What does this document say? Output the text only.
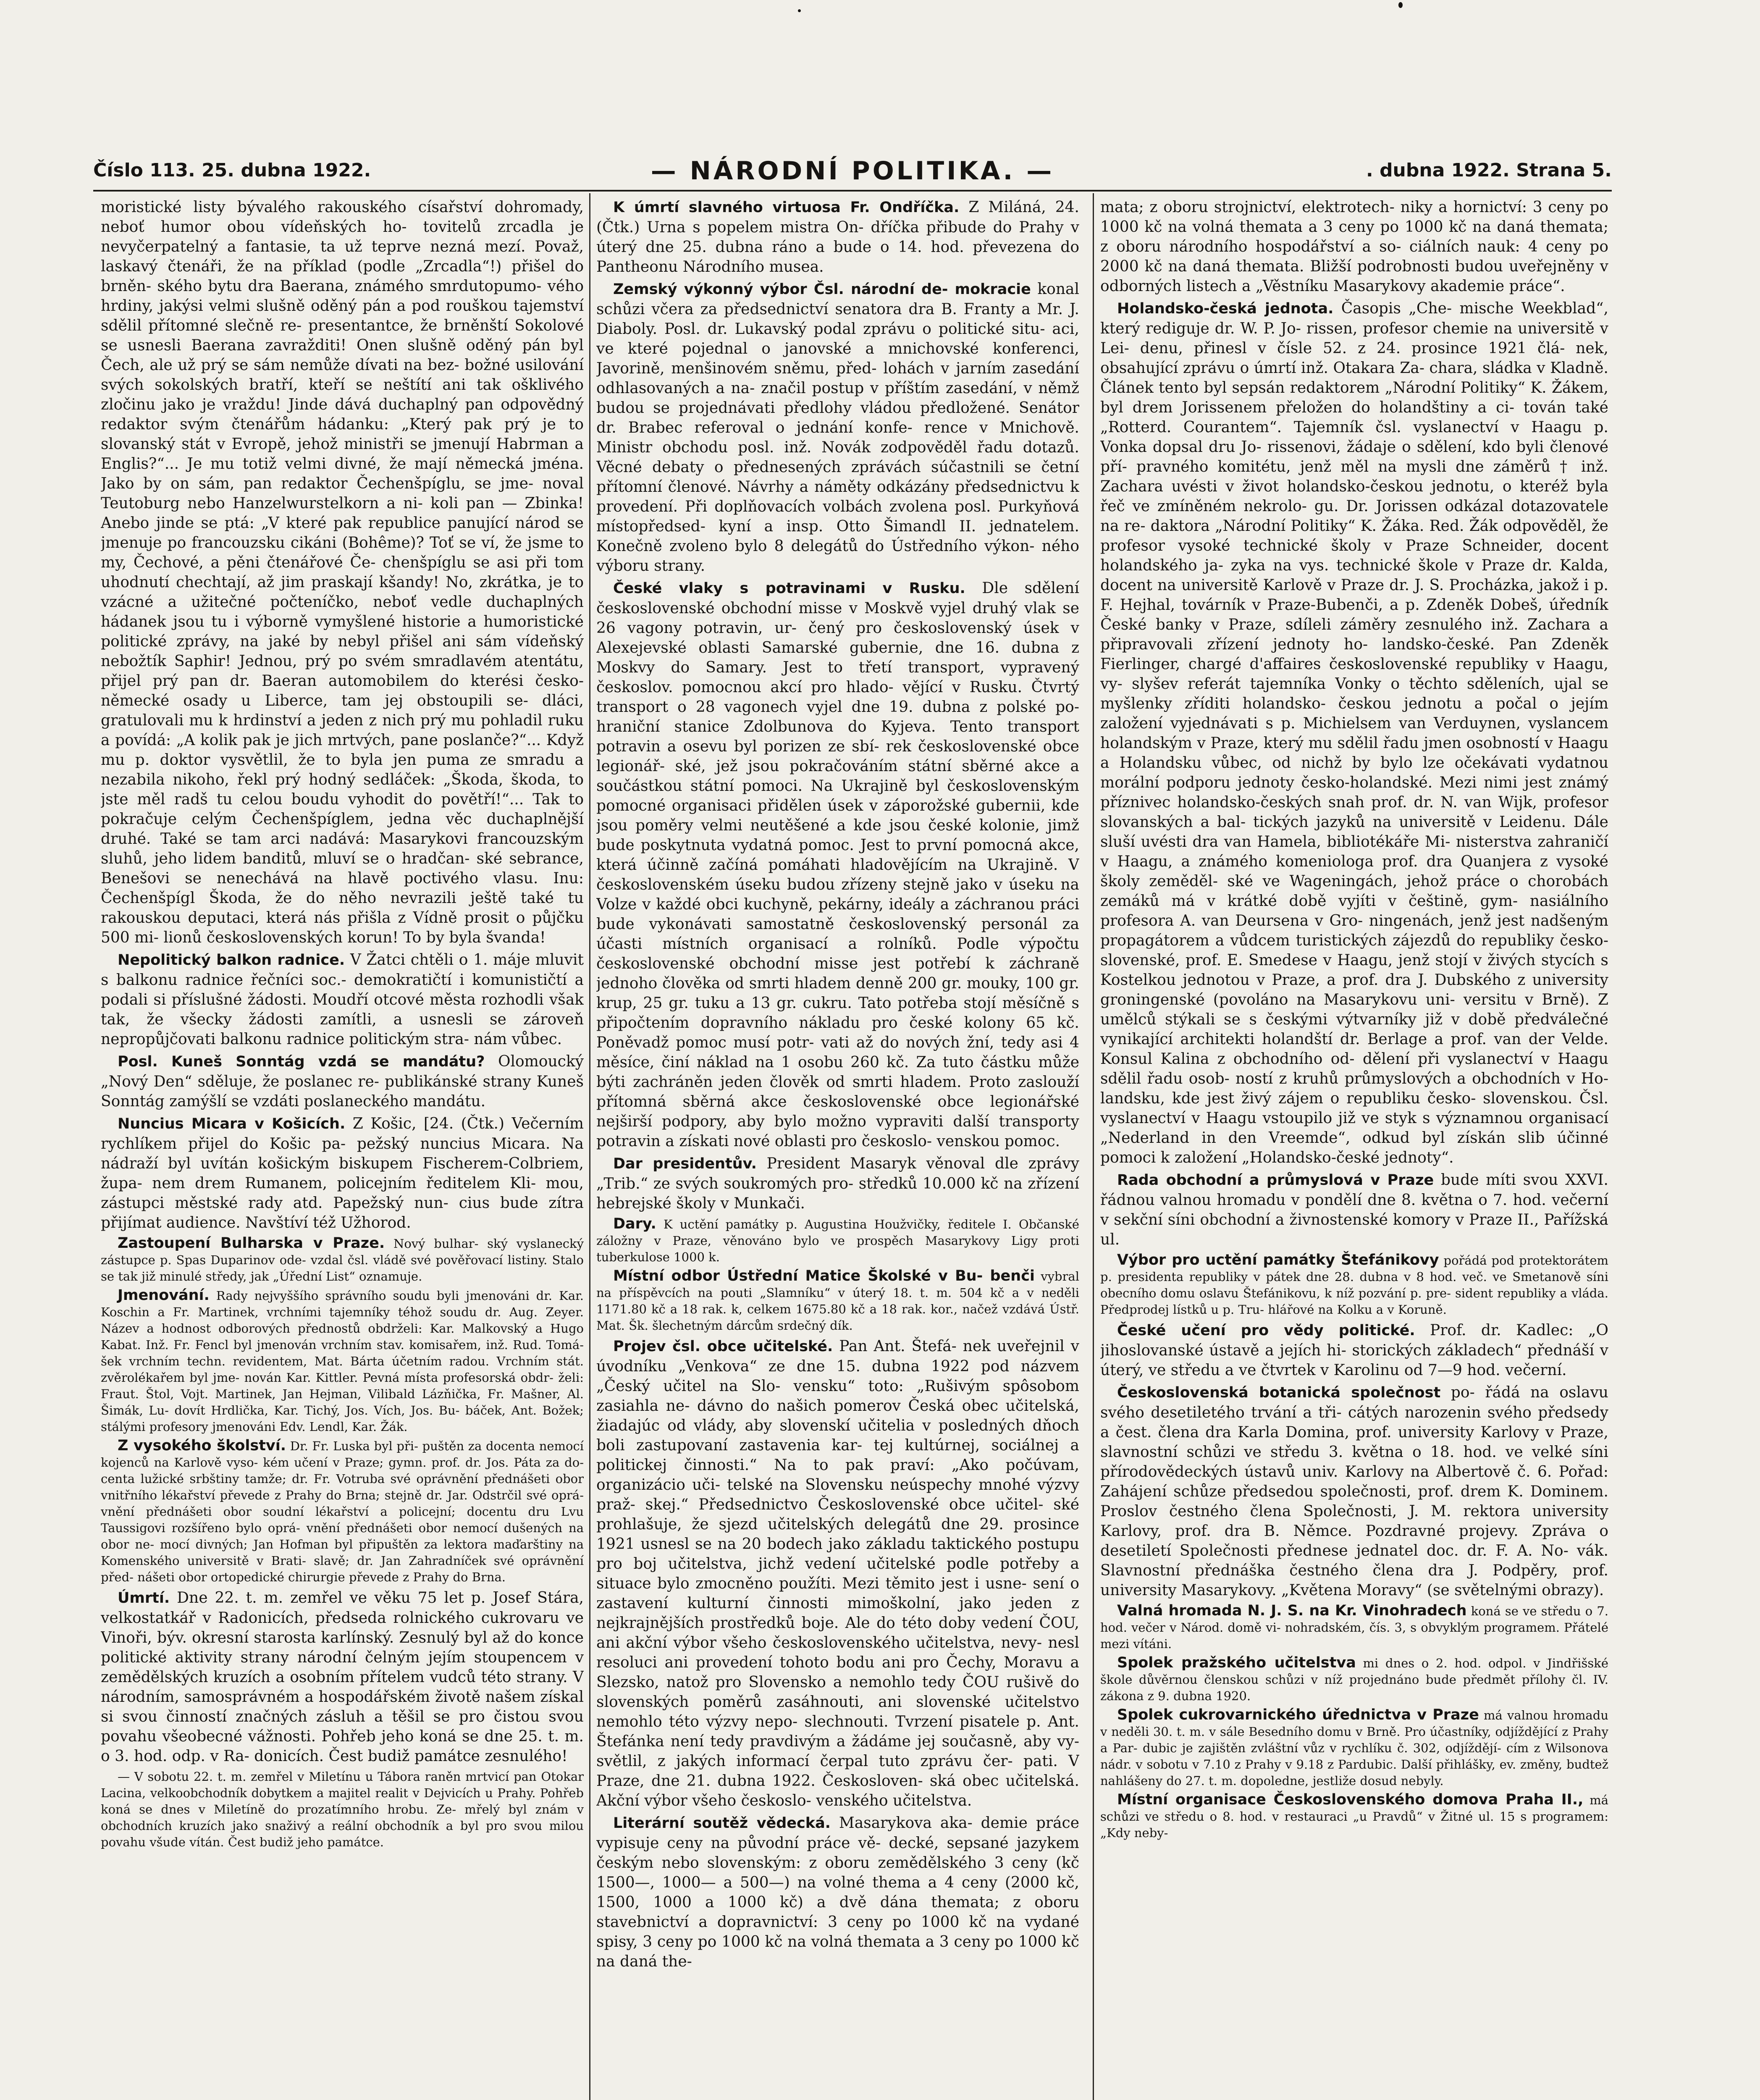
Číslo 113. 25. dubna 1922.	— NÁRODNÍ POLITIKA. —	. dubna 1922. Strana 5.

moristické listy bývalého rakouského císařství dohromady, neboť humor obou vídeňských ho- tovitelů zrcadla je nevyčerpatelný a fantasie, ta už teprve nezná mezí. Považ, laskavý čtenáři, že na příklad (podle „Zrcadla“!) přišel do brněn- ského bytu dra Baerana, známého smrdutopumo- vého hrdiny, jakýsi velmi slušně oděný pán a pod rouškou tajemství sdělil přítomné slečně re- presentantce, že brněnští Sokolové se usnesli Baerana zavražditi! Onen slušně oděný pán byl Čech, ale už prý se sám nemůže dívati na bez- božné usilování svých sokolských bratří, kteří se neštítí ani tak ošklivého zločinu jako je vraždu! Jinde dává duchaplný pan odpovědný redaktor svým čtenářům hádanku: „Který pak prý je to slovanský stát v Evropě, jehož ministři se jmenují Habrman a Englis?“... Je mu totiž velmi divné, že mají německá jména. Jako by on sám, pan redaktor Čechenšpíglu, se jme- noval Teutoburg nebo Hanzelwurstelkorn a ni- koli pan — Zbinka! Anebo jinde se ptá: „V které pak republice panující národ se jmenuje po francouzsku cikáni (Bohême)? Toť se ví, že jsme to my, Čechové, a pěni čtenářové Če- chenšpíglu se asi při tom uhodnutí chechtají, až jim praskají kšandy! No, zkrátka, je to vzácné a užitečné počteníčko, neboť vedle duchaplných hádanek jsou tu i výborně vymyšlené historie a humoristické politické zprávy, na jaké by nebyl přišel ani sám vídeňský nebožtík Saphir! Jednou, prý po svém smradlavém atentátu, přijel prý pan dr. Baeran automobilem do kterési česko- německé osady u Liberce, tam jej obstoupili se- dláci, gratulovali mu k hrdinství a jeden z nich prý mu pohladil ruku a povídá: „A kolik pak je jich mrtvých, pane poslanče?“... Když mu p. doktor vysvětlil, že to byla jen puma ze smradu a nezabila nikoho, řekl prý hodný sedláček: „Škoda, škoda, to jste měl radš tu celou boudu vyhodit do povětří!“... Tak to pokračuje celým Čechenšpíglem, jedna věc duchaplnější druhé. Také se tam arci nadává: Masarykovi francouzským sluhů, jeho lidem banditů, mluví se o hradčan- ské sebrance, Benešovi se nenechává na hlavě poctivého vlasu. Inu: Čechenšpígl Škoda, že do něho nevrazili ještě také tu rakouskou deputaci, která nás přišla z Vídně prosit o půjčku 500 mi- lionů československých korun! To by byla švanda!

Nepolitický balkon radnice. V Žatci chtěli o 1. máje mluvit s balkonu radnice řečníci soc.- demokratičtí i komunističtí a podali si příslušné žádosti. Moudří otcové města rozhodli však tak, že všecky žádosti zamítli, a usnesli se zároveň nepropůjčovati balkonu radnice politickým stra- nám vůbec.

Posl. Kuneš Sonntág vzdá se mandátu? Olomoucký „Nový Den“ sděluje, že poslanec re- publikánské strany Kuneš Sonntág zamýšlí se vzdáti poslaneckého mandátu.

Nuncius Micara v Košicích. Z Košic, [24. (Čtk.) Večerním rychlíkem přijel do Košic pa- pežský nuncius Micara. Na nádraží byl uvítán košickým biskupem Fischerem-Colbriem, župa- nem drem Rumanem, policejním ředitelem Kli- mou, zástupci městské rady atd. Papežský nun- cius bude zítra přijímat audience. Navštíví též Užhorod.

Zastoupení Bulharska v Praze. Nový bulhar- ský vyslanecký zástupce p. Spas Duparinov ode- vzdal čsl. vládě své pověřovací listiny. Stalo se tak již minulé středy, jak „Úřední List“ oznamuje.

Jmenování. Rady nejvyššího správního soudu byli jmenováni dr. Kar. Koschin a Fr. Martinek, vrchními tajemníky téhož soudu dr. Aug. Zeyer. Název a hodnost odborových přednostů obdrželi: Kar. Malkovský a Hugo Kabat. Inž. Fr. Fencl byl jmenován vrchním stav. komisařem, inž. Rud. Tomá- šek vrchním techn. revidentem, Mat. Bárta účetním radou. Vrchním stát. zvěrolékařem byl jme- nován Kar. Kittler. Pevná místa profesorská obdr- želi: Fraut. Štol, Vojt. Martinek, Jan Hejman, Vilibald Lázňička, Fr. Mašner, Al. Šimák, Lu- dovít Hrdlička, Kar. Tichý, Jos. Vích, Jos. Bu- báček, Ant. Božek; stálými profesory jmenováni Edv. Lendl, Kar. Žák.

Z vysokého školství. Dr. Fr. Luska byl při- puštěn za docenta nemocí kojenců na Karlově vyso- kém učení v Praze; gymn. prof. dr. Jos. Páta za do- centa lužické srbštiny tamže; dr. Fr. Votruba své oprávnění přednášeti obor vnitřního lékařství převede z Prahy do Brna; stejně dr. Jar. Odstrčil své oprá- vnění přednášeti obor soudní lékařství a policejní; docentu dru Lvu Taussigovi rozšířeno bylo oprá- vnění přednášeti obor nemocí dušených na obor ne- mocí divných; Jan Hofman byl připuštěn za lektora maďarštiny na Komenského universitě v Brati- slavě; dr. Jan Zahradníček své oprávnění před- nášeti obor ortopedické chirurgie převede z Prahy do Brna.

Úmrtí. Dne 22. t. m. zemřel ve věku 75 let p. Josef Stára, velkostatkář v Radonicích, předseda rolnického cukrovaru ve Vinoři, býv. okresní starosta karlínský. Zesnulý byl až do konce politické aktivity strany národní čelným jejím stoupencem v zemědělských kruzích a osobním přítelem vudců této strany. V národním, samosprávném a hospodářském životě našem získal si svou činností značných zásluh a těšil se pro čistou svou povahu všeobecné vážnosti. Pohřeb jeho koná se dne 25. t. m. o 3. hod. odp. v Ra- donicích. Čest budiž památce zesnulého!

— V sobotu 22. t. m. zemřel v Miletínu u Tábora raněn mrtvicí pan Otokar Lacina, velkoobchodník dobytkem a majitel realit v Dejvicích u Prahy. Pohřeb koná se dnes v Miletíně do prozatímního hrobu. Ze- mřelý byl znám v obchodních kruzích jako snaživý a reální obchodník a byl pro svou milou povahu všude vítán. Čest budiž jeho památce.

K úmrtí slavného virtuosa Fr. Ondříčka. Z Miláná, 24. (Čtk.) Urna s popelem mistra On- dříčka přibude do Prahy v úterý dne 25. dubna ráno a bude o 14. hod. převezena do Pantheonu Národního musea.

Zemský výkonný výbor Čsl. národní de- mokracie konal schůzi včera za předsednictví senatora dra B. Franty a Mr. J. Diaboly. Posl. dr. Lukavský podal zprávu o politické situ- aci, ve které pojednal o janovské a mnichovské konferenci, Javorině, menšinovém sněmu, před- lohách v jarním zasedání odhlasovaných a na- značil postup v příštím zasedání, v němž budou se projednávati předlohy vládou předložené. Senátor dr. Brabec referoval o jednání konfe- rence v Mnichově. Ministr obchodu posl. inž. Novák zodpověděl řadu dotazů. Věcné debaty o přednesených zprávách súčastnili se četní přítomní členové. Návrhy a náměty odkázány předsednictvu k provedení. Při doplňovacích volbách zvolena posl. Purkyňová místopředsed- kyní a insp. Otto Šimandl II. jednatelem. Konečně zvoleno bylo 8 delegátů do Ústředního výkon- ného výboru strany.

České vlaky s potravinami v Rusku. Dle sdělení československé obchodní misse v Moskvě vyjel druhý vlak se 26 vagony potravin, ur- čený pro československý úsek v Alexejevské oblasti Samarské gubernie, dne 16. dubna z Moskvy do Samary. Jest to třetí transport, vypravený českoslov. pomocnou akcí pro hlado- vějící v Rusku. Čtvrtý transport o 28 vagonech vyjel dne 19. dubna z polské po- hraniční stanice Zdolbunova do Kyjeva. Tento transport potravin a osevu byl porizen ze sbí- rek československé obce legionář- ské, jež jsou pokračováním státní sběrné akce a součástkou státní pomoci. Na Ukrajině byl československým pomocné organisaci přidělen úsek v záporožské gubernii, kde jsou poměry velmi neutěšené a kde jsou české kolonie, jimž bude poskytnuta vydatná pomoc. Jest to první pomocná akce, která účinně začíná pomáhati hladovějícím na Ukrajině. V československém úseku budou zřízeny stejně jako v úseku na Volze v každé obci kuchyně, pekárny, ideály a záchranou práci bude vykonávati samostatně československý personál za účasti místních organisací a rolníků. Podle výpočtu československé obchodní misse jest potřebí k záchraně jednoho člověka od smrti hladem denně 200 gr. mouky, 100 gr. krup, 25 gr. tuku a 13 gr. cukru. Tato potřeba stojí měsíčně s připočtením dopravního nákladu pro české kolony 65 kč. Poněvadž pomoc musí potr- vati až do nových žní, tedy asi 4 měsíce, činí náklad na 1 osobu 260 kč. Za tuto částku může býti zachráněn jeden člověk od smrti hladem. Proto zaslouží přítomná sběrná akce československé obce legionářské nejširší podpory, aby bylo možno vypraviti další transporty potravin a získati nové oblasti pro českoslo- venskou pomoc.

Dar presidentův. President Masaryk věnoval dle zprávy „Trib.“ ze svých soukromých pro- středků 10.000 kč na zřízení hebrejské školy v Munkači.

Dary. K uctění památky p. Augustina Houžvičky, ředitele I. Občanské záložny v Praze, věnováno bylo ve prospěch Masarykovy Ligy proti tuberkulose 1000 k.

Místní odbor Ústřední Matice Školské v Bu- benči vybral na příspěvcích na pouti „Slamníku“ v úterý 18. t. m. 504 kč a v neděli 1171.80 kč a 18 rak. k, celkem 1675.80 kč a 18 rak. kor., načež vzdává Ústř. Mat. Šk. šlechetným dárcům srdečný dík.

Projev čsl. obce učitelské. Pan Ant. Štefá- nek uveřejnil v úvodníku „Venkova“ ze dne 15. dubna 1922 pod názvem „Český učitel na Slo- vensku“ toto: „Rušivým spôsobom zasiahla ne- dávno do našich pomerov Česká obec učitelská, žiadajúc od vlády, aby slovenskí učitelia v posledných dňoch boli zastupovaní zastavenia kar- tej kultúrnej, sociálnej a politickej činnosti.“ Na to pak praví: „Ako počúvam, organizácio uči- telské na Slovensku neúspechy mnohé výzvy praž- skej.“ Předsednictvo Československé obce učitel- ské prohlašuje, že sjezd učitelských delegátů dne 29. prosince 1921 usnesl se na 20 bodech jako základu taktického postupu pro boj učitelstva, jichž vedení učitelské podle potřeby a situace bylo zmocněno použíti. Mezi těmito jest i usne- sení o zastavení kulturní činnosti mimoškolní, jako jeden z nejkrajnějších prostředků boje. Ale do této doby vedení ČOU, ani akční výbor všeho československého učitelstva, nevy- nesl resoluci ani provedení tohoto bodu ani pro Čechy, Moravu a Slezsko, natož pro Slovensko a nemohlo tedy ČOU rušivě do slovenských poměrů zasáhnouti, ani slovenské učitelstvo nemohlo této výzvy nepo- slechnouti. Tvrzení pisatele p. Ant. Štefánka není tedy pravdivým a žádáme jej současně, aby vy- světlil, z jakých informací čerpal tuto zprávu čer- pati. V Praze, dne 21. dubna 1922. Českosloven- ská obec učitelská. Akční výbor všeho českoslo- venského učitelstva.

Literární soutěž vědecká. Masarykova aka- demie práce vypisuje ceny na původní práce vě- decké, sepsané jazykem českým nebo slovenským: z oboru zemědělského 3 ceny (kč 1500—, 1000— a 500—) na volné thema a 4 ceny (2000 kč, 1500, 1000 a 1000 kč) a dvě dána themata; z oboru stavebnictví a dopravnictví: 3 ceny po 1000 kč na vydané spisy, 3 ceny po 1000 kč na volná themata a 3 ceny po 1000 kč na daná the-

mata; z oboru strojnictví, elektrotech- niky a hornictví: 3 ceny po 1000 kč na volná themata a 3 ceny po 1000 kč na daná themata; z oboru národního hospodářství a so- ciálních nauk: 4 ceny po 2000 kč na daná themata. Bližší podrobnosti budou uveřejněny v odborných listech a „Věstníku Masarykovy akademie práce“.

Holandsko-česká jednota. Časopis „Che- mische Weekblad“, který rediguje dr. W. P. Jo- rissen, profesor chemie na universitě v Lei- denu, přinesl v čísle 52. z 24. prosince 1921 člá- nek, obsahující zprávu o úmrtí inž. Otakara Za- chara, sládka v Kladně. Článek tento byl sepsán redaktorem „Národní Politiky“ K. Žákem, byl drem Jorissenem přeložen do holandštiny a ci- tován také „Rotterd. Courantem“. Tajemník čsl. vyslanectví v Haagu p. Vonka dopsal dru Jo- rissenovi, žádaje o sdělení, kdo byli členové pří- pravného komitétu, jenž měl na mysli dne záměrů † inž. Zachara uvésti v život holandsko-českou jednotu, o kteréž byla řeč ve zmíněném nekrolo- gu. Dr. Jorissen odkázal dotazovatele na re- daktora „Národní Politiky“ K. Žáka. Red. Žák odpověděl, že profesor vysoké technické školy v Praze Schneider, docent holandského ja- zyka na vys. technické škole v Praze dr. Kalda, docent na universitě Karlově v Praze dr. J. S. Procházka, jakož i p. F. Hejhal, továrník v Praze-Bubenči, a p. Zdeněk Dobeš, úředník České banky v Praze, sdíleli záměry zesnulého inž. Zachara a připravovali zřízení jednoty ho- landsko-české. Pan Zdeněk Fierlinger, chargé d'affaires československé republiky v Haagu, vy- slyšev referát tajemníka Vonky o těchto sděleních, ujal se myšlenky zříditi holandsko- českou jednotu a počal o jejím založení vyjednávati s p. Michielsem van Verduynen, vyslancem holandským v Praze, který mu sdělil řadu jmen osobností v Haagu a Holandsku vůbec, od nichž by bylo lze očekávati vydatnou morální podporu jednoty česko-holandské. Mezi nimi jest známý příznivec holandsko-českých snah prof. dr. N. van Wijk, profesor slovanských a bal- tických jazyků na universitě v Leidenu. Dále sluší uvésti dra van Hamela, bibliotékáře Mi- nisterstva zahraničí v Haagu, a známého komeniologa prof. dra Quanjera z vysoké školy zeměděl- ské ve Wageningách, jehož práce o chorobách zemáků má v krátké době vyjíti v češtině, gym- nasiálního profesora A. van Deursena v Gro- ningenách, jenž jest nadšeným propagátorem a vůdcem turistických zájezdů do republiky česko- slovenské, prof. E. Smedese v Haagu, jenž stojí v živých stycích s Kostelkou jednotou v Praze, a prof. dra J. Dubského z university groningenské (povoláno na Masarykovu uni- versitu v Brně). Z umělců stýkali se s českými výtvarníky již v době předválečné vynikající architekti holandští dr. Berlage a prof. van der Velde. Konsul Kalina z obchodního od- dělení při vyslanectví v Haagu sdělil řadu osob- ností z kruhů průmyslových a obchodních v Ho- landsku, kde jest živý zájem o republiku česko- slovenskou. Čsl. vyslanectví v Haagu vstoupilo již ve styk s významnou organisací „Nederland in den Vreemde“, odkud byl získán slib účinné pomoci k založení „Holandsko-české jednoty“.

Rada obchodní a průmyslová v Praze bude míti svou XXVI. řádnou valnou hromadu v pondělí dne 8. května o 7. hod. večerní v sekční síni obchodní a živnostenské komory v Praze II., Pařížská ul.

Výbor pro uctění památky Štefánikovy pořádá pod protektorátem p. presidenta republiky v pátek dne 28. dubna v 8 hod. več. ve Smetanově síni obecního domu oslavu Štefánikovu, k níž pozvání p. pre- sident republiky a vláda. Předprodej lístků u p. Tru- hlářové na Kolku a v Koruně.

České učení pro vědy politické. Prof. dr. Kadlec: „O jihoslovanské ústavě a jejích hi- storických základech“ přednáší v úterý, ve středu a ve čtvrtek v Karolinu od 7—9 hod. večerní.

Československá botanická společnost po- řádá na oslavu svého desetiletého trvání a tři- cátých narozenin svého předsedy a čest. člena dra Karla Domina, prof. university Karlovy v Praze, slavnostní schůzi ve středu 3. května o 18. hod. ve velké síni přírodovědeckých ústavů univ. Karlovy na Albertově č. 6. Pořad: Zahájení schůze předsedou společnosti, prof. drem K. Dominem. Proslov čestného člena Společnosti, J. M. rektora university Karlovy, prof. dra B. Němce. Pozdravné projevy. Zpráva o desetiletí Společnosti přednese jednatel doc. dr. F. A. No- vák. Slavnostní přednáška čestného člena dra J. Podpěry, prof. university Masarykovy. „Květena Moravy“ (se světelnými obrazy).

Valná hromada N. J. S. na Kr. Vinohradech koná se ve středu o 7. hod. večer v Národ. domě vi- nohradském, čís. 3, s obvyklým programem. Přátelé mezi vítáni.

Spolek pražského učitelstva mi dnes o 2. hod. odpol. v Jindřišské škole důvěrnou členskou schůzi v níž projednáno bude předmět přílohy čl. IV. zákona z 9. dubna 1920.

Spolek cukrovarnického úřednictva v Praze má valnou hromadu v neděli 30. t. m. v sále Besedního domu v Brně. Pro účastníky, odjíždějící z Prahy a Par- dubic je zajištěn zvláštní vůz v rychlíku č. 302, odjíždějí- cím z Wilsonova nádr. v sobotu v 7.10 z Prahy v 9.18 z Pardubic. Další přihlášky, ev. změny, budtež nahlášeny do 27. t. m. dopoledne, jestliže dosud nebyly.

Místní organisace Československého domova Praha II., má schůzi ve středu o 8. hod. v restauraci „u Pravdů“ v Žitné ul. 15 s programem: „Kdy neby-
